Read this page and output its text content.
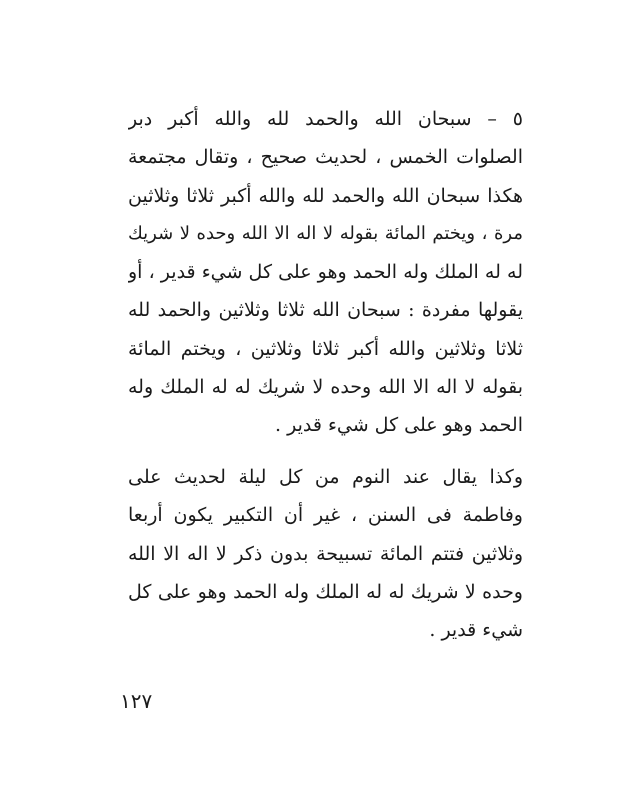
٥ – سبحان الله والحمد لله والله أكبر دبر
الصلوات الخمس ، لحديث صحيح ، وتقال مجتمعة
هكذا سبحان الله والحمد لله والله أكبر ثلاثا وثلاثين
مرة ، ويختم المائة بقوله لا اله الا الله وحده لا شريك
له له الملك وله الحمد وهو على كل شيء قدير ، أو
يقولها مفردة : سبحان الله ثلاثا وثلاثين والحمد لله
ثلاثا وثلاثين والله أكبر ثلاثا وثلاثين ، ويختم المائة
بقوله لا اله الا الله وحده لا شريك له له الملك وله
الحمد وهو على كل شيء قدير .
وكذا يقال عند النوم من كل ليلة لحديث على
وفاطمة فى السنن ، غير أن التكبير يكون أربعا
وثلاثين فتتم المائة تسبيحة بدون ذكر لا اله الا الله
وحده لا شريك له له الملك وله الحمد وهو على كل
شيء قدير .
١٢٧
